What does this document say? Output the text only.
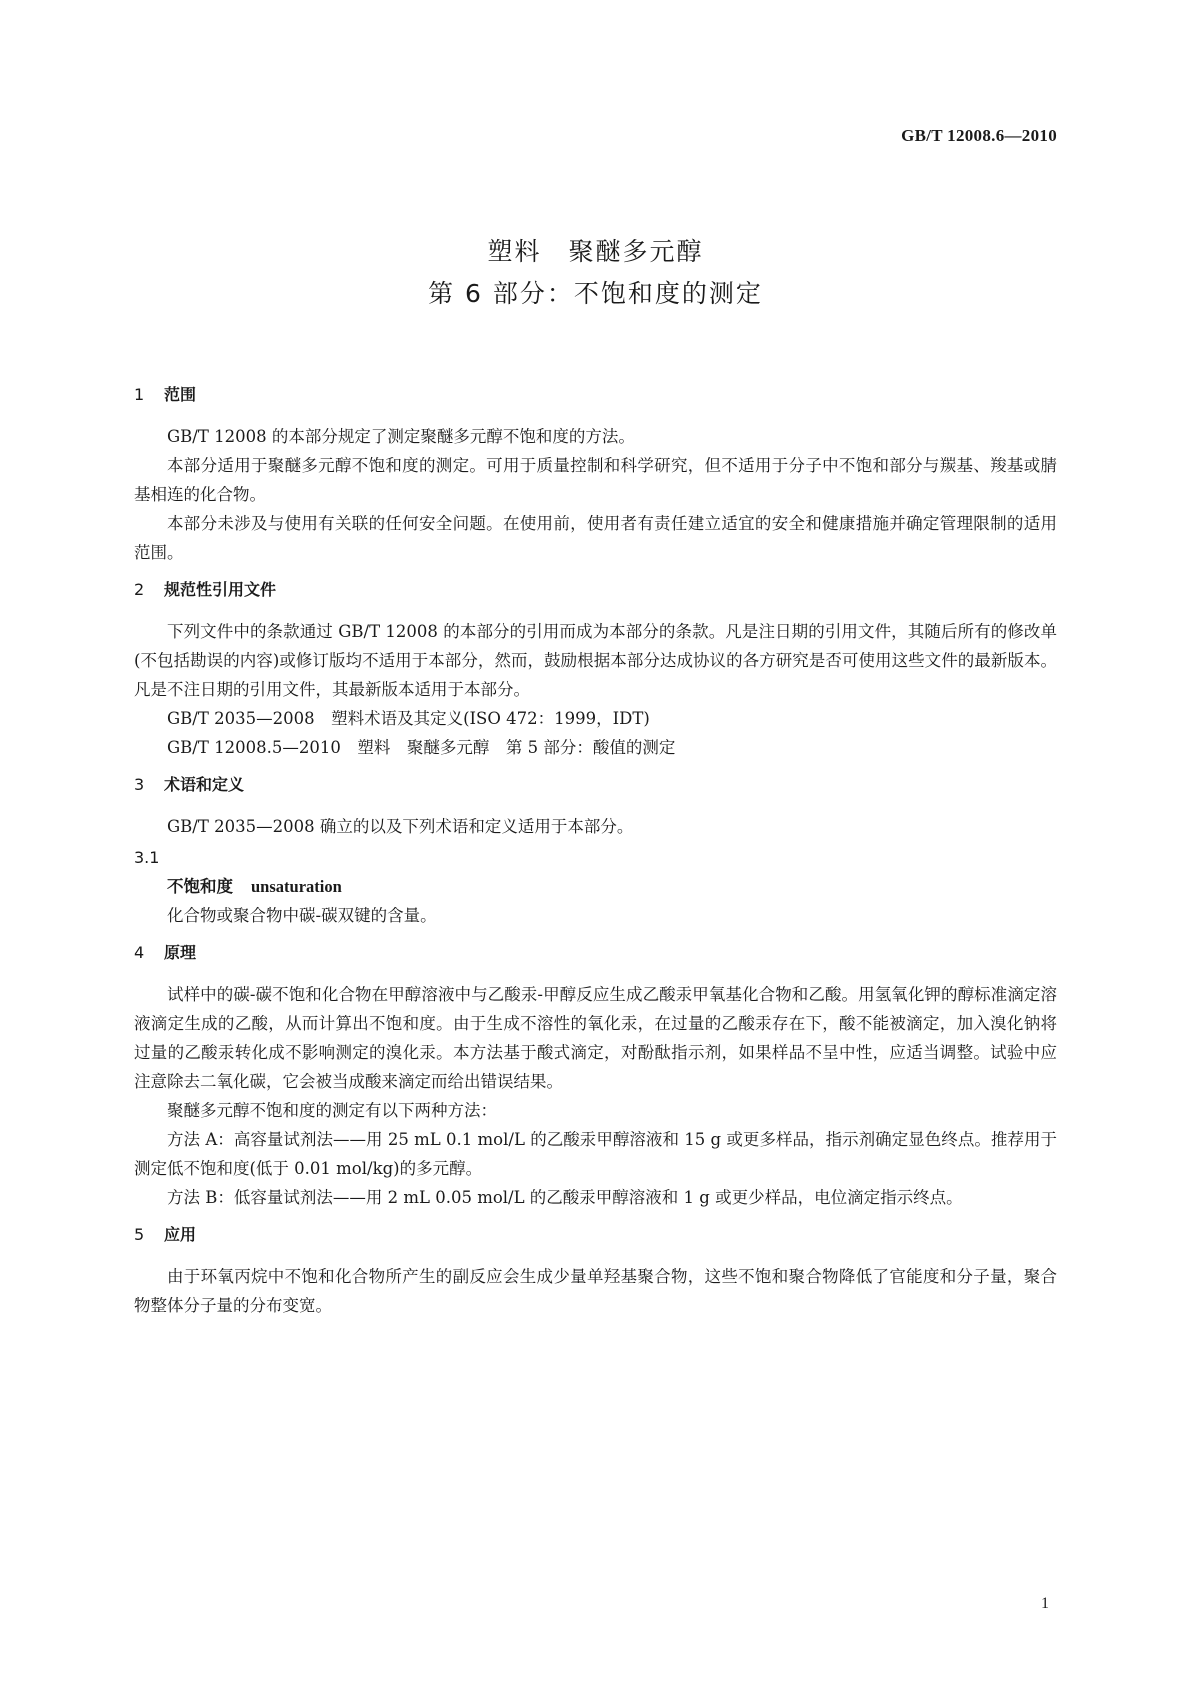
GB/T 12008.6—2010
塑料　聚醚多元醇
第 6 部分：不饱和度的测定
1 范围

GB/T 12008 的本部分规定了测定聚醚多元醇不饱和度的方法。

本部分适用于聚醚多元醇不饱和度的测定。可用于质量控制和科学研究，但不适用于分子中不饱和部分与羰基、羧基或腈基相连的化合物。

本部分未涉及与使用有关联的任何安全问题。在使用前，使用者有责任建立适宜的安全和健康措施并确定管理限制的适用范围。

2 规范性引用文件

下列文件中的条款通过 GB/T 12008 的本部分的引用而成为本部分的条款。凡是注日期的引用文件，其随后所有的修改单(不包括勘误的内容)或修订版均不适用于本部分，然而，鼓励根据本部分达成协议的各方研究是否可使用这些文件的最新版本。凡是不注日期的引用文件，其最新版本适用于本部分。

GB/T 2035—2008　塑料术语及其定义(ISO 472：1999，IDT)

GB/T 12008.5—2010　塑料　聚醚多元醇　第 5 部分：酸值的测定

3 术语和定义

GB/T 2035—2008 确立的以及下列术语和定义适用于本部分。

3.1

不饱和度 unsaturation

化合物或聚合物中碳-碳双键的含量。

4 原理

试样中的碳-碳不饱和化合物在甲醇溶液中与乙酸汞-甲醇反应生成乙酸汞甲氧基化合物和乙酸。用氢氧化钾的醇标准滴定溶液滴定生成的乙酸，从而计算出不饱和度。由于生成不溶性的氧化汞，在过量的乙酸汞存在下，酸不能被滴定，加入溴化钠将过量的乙酸汞转化成不影响测定的溴化汞。本方法基于酸式滴定，对酚酞指示剂，如果样品不呈中性，应适当调整。试验中应注意除去二氧化碳，它会被当成酸来滴定而给出错误结果。

聚醚多元醇不饱和度的测定有以下两种方法：

方法 A：高容量试剂法——用 25 mL 0.1 mol/L 的乙酸汞甲醇溶液和 15 g 或更多样品，指示剂确定显色终点。推荐用于测定低不饱和度(低于 0.01 mol/kg)的多元醇。

方法 B：低容量试剂法——用 2 mL 0.05 mol/L 的乙酸汞甲醇溶液和 1 g 或更少样品，电位滴定指示终点。

5 应用

由于环氧丙烷中不饱和化合物所产生的副反应会生成少量单羟基聚合物，这些不饱和聚合物降低了官能度和分子量，聚合物整体分子量的分布变宽。

1
